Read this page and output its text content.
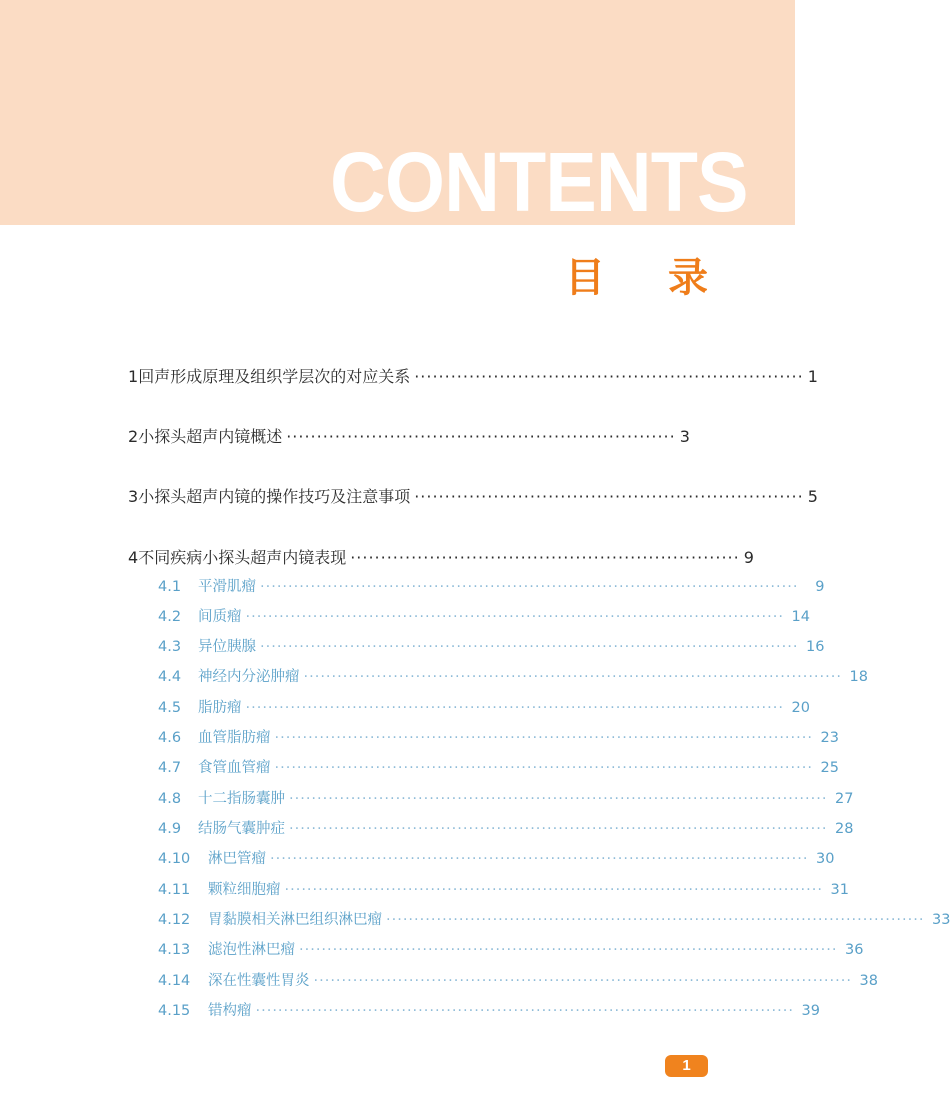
CONTENTS
目 录
1 回声形成原理及组织学层次的对应关系 ································································ 1
2 小探头超声内镜概述 ································································ 3
3 小探头超声内镜的操作技巧及注意事项 ································································ 5
4 不同疾病小探头超声内镜表现 ································································ 9
4.1	平滑肌瘤 ································································································	9
4.2	间质瘤 ································································································ 14
4.3	异位胰腺 ································································································ 16
4.4	神经内分泌肿瘤 ································································································ 18
4.5	脂肪瘤 ································································································ 20
4.6	血管脂肪瘤 ································································································ 23
4.7	食管血管瘤 ································································································ 25
4.8	十二指肠囊肿 ································································································ 27
4.9	结肠气囊肿症 ································································································ 28
4.10	淋巴管瘤 ································································································ 30
4.11	颗粒细胞瘤 ································································································ 31
4.12	胃黏膜相关淋巴组织淋巴瘤 ································································································ 33
4.13	滤泡性淋巴瘤 ································································································ 36
4.14	深在性囊性胃炎 ································································································ 38
4.15	错构瘤 ································································································ 39
1
